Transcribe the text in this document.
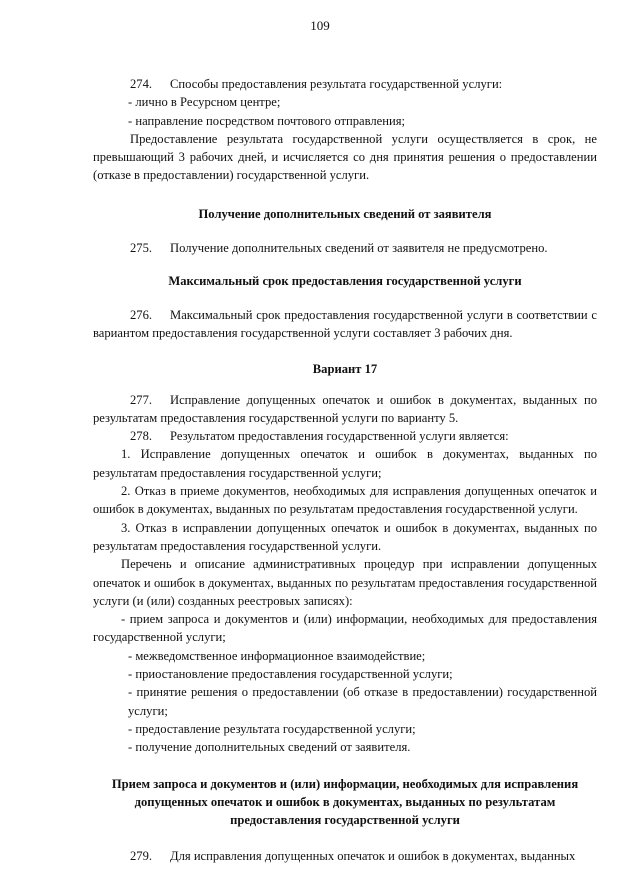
109

274. Способы предоставления результата государственной услуги:

- лично в Ресурсном центре;

- направление посредством почтового отправления;

Предоставление результата государственной услуги осуществляется в срок, не превышающий 3 рабочих дней, и исчисляется со дня принятия решения о предоставлении (отказе в предоставлении) государственной услуги.

Получение дополнительных сведений от заявителя

275. Получение дополнительных сведений от заявителя не предусмотрено.

Максимальный срок предоставления государственной услуги

276. Максимальный срок предоставления государственной услуги в соответствии с вариантом предоставления государственной услуги составляет 3 рабочих дня.

Вариант 17

277. Исправление допущенных опечаток и ошибок в документах, выданных по результатам предоставления государственной услуги по варианту 5.

278. Результатом предоставления государственной услуги является:

1. Исправление допущенных опечаток и ошибок в документах, выданных по результатам предоставления государственной услуги;

2. Отказ в приеме документов, необходимых для исправления допущенных опечаток и ошибок в документах, выданных по результатам предоставления государственной услуги.

3. Отказ в исправлении допущенных опечаток и ошибок в документах, выданных по результатам предоставления государственной услуги.

Перечень и описание административных процедур при исправлении допущенных опечаток и ошибок в документах, выданных по результатам предоставления государственной услуги (и (или) созданных реестровых записях):

- прием запроса и документов и (или) информации, необходимых для предоставления государственной услуги;

- межведомственное информационное взаимодействие;

- приостановление предоставления государственной услуги;

- принятие решения о предоставлении (об отказе в предоставлении) государственной услуги;

- предоставление результата государственной услуги;

- получение дополнительных сведений от заявителя.

Прием запроса и документов и (или) информации, необходимых для исправления допущенных опечаток и ошибок в документах, выданных по результатам предоставления государственной услуги

279. Для исправления допущенных опечаток и ошибок в документах, выданных
